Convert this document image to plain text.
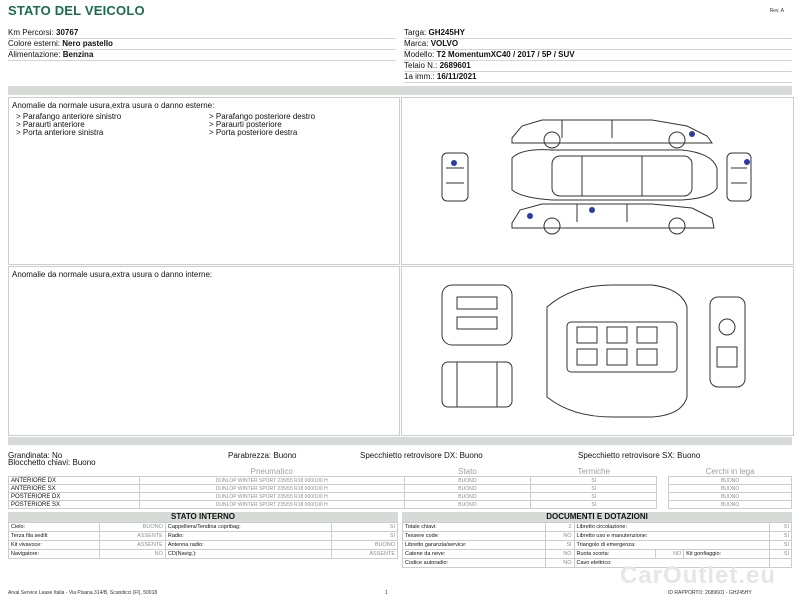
STATO DEL VEICOLO	Rev. A
Km Percorsi: 30767
Colore esterni: Nero pastello
Alimentazione: Benzina
Targa: GH245HY
Marca: VOLVO
Modello: T2 MomentumXC40 / 2017 / 5P / SUV
Telaio N.: 2689601
1a imm.: 16/11/2021
Anomalie da normale usura,extra usura o danno esterne:
> Parafango anteriore sinistro
> Paraurti anteriore
> Porta anteriore sinistra
> Parafango posteriore destro
> Paraurti posteriore
> Porta posteriore destra
Anomalie da normale usura,extra usura o danno interne:
Grandinata: No	Parabrezza: Buono	Specchietto retrovisore DX: Buono	Specchietto retrovisore SX: Buono
Blocchetto chiavi: Buono
	Pneumatico	Stato	Termiche		Cerchi in lega
ANTERIORE DX	DUNLOP WINTER SPORT 235/55 R18 000/100 H	BUONO	SI		BUONO
ANTERIORE SX	DUNLOP WINTER SPORT 235/55 R18 000/100 H	BUONO	SI		BUONO
POSTERIORE DX	DUNLOP WINTER SPORT 235/55 R18 000/100 H	BUONO	SI		BUONO
POSTERIORE SX	DUNLOP WINTER SPORT 235/55 R18 000/100 H	BUONO	SI		BUONO
STATO INTERNO
Cielo:	BUONO	Cappelliera/Tendina copribag:	SI
Terza fila sedili:	ASSENTE	Radio:	SI
Kit vivavoce:	ASSENTE	Antenna radio:	BUONO
Navigatore:	NO	CD(Navig.):	ASSENTE
DOCUMENTI E DOTAZIONI
Totale chiavi:	2	Libretto circolazione:			SI
Tessere code:	NO	Libretto uso e manutenzione:			SI
Libretto garanzia/service:	SI	Triangolo di emergenza:			SI
Catene da neve:	NO	Ruota scorta:	NO	Kit gonfiaggio:	SI
Codice autoradio:	NO	Cavo elettrico:			
Arval Service Lease Italia - Via Pisana 314/B, Scandicci (FI), 50018	1	ID RAPPORTO: 2689601 - GH245HY
CarOutlet.eu
